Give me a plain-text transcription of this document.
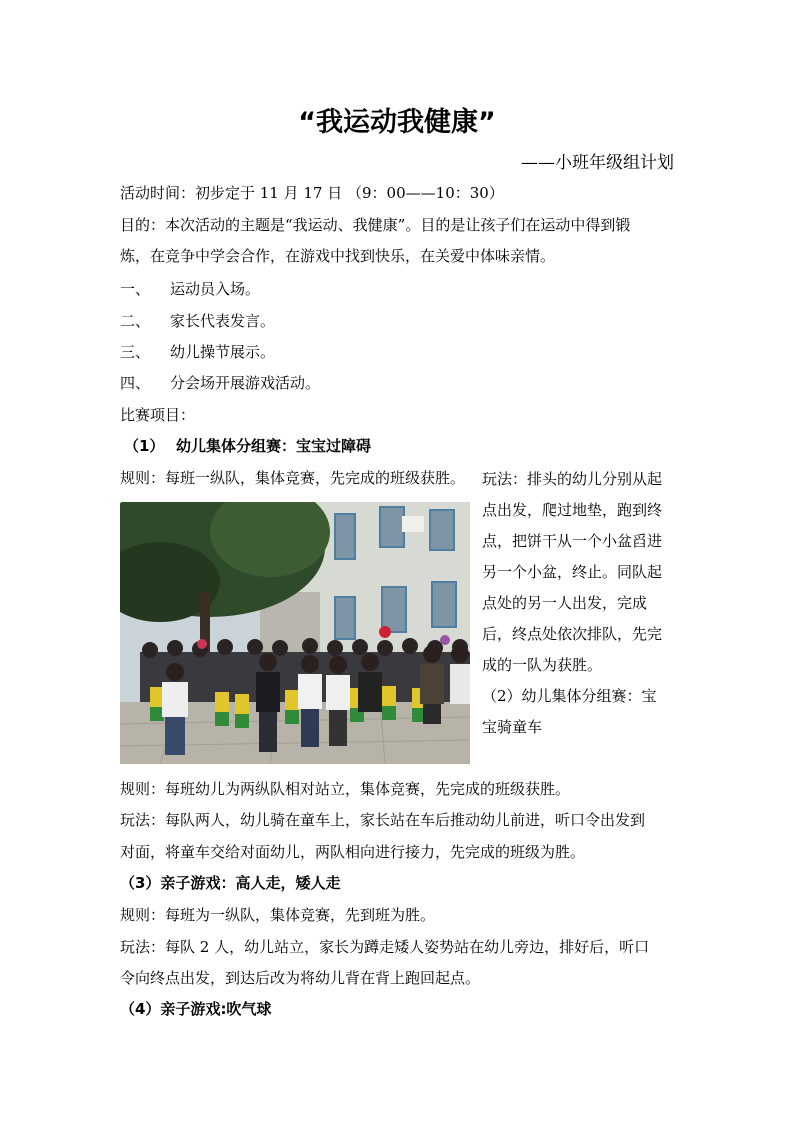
“我运动我健康”
——小班年级组计划
活动时间：初步定于 11 月 17 日 （9：00——10：30）
目的：本次活动的主题是“我运动、我健康”。目的是让孩子们在运动中得到锻
炼，在竞争中学会合作，在游戏中找到快乐，在关爱中体味亲情。
一、 运动员入场。
二、 家长代表发言。
三、 幼儿操节展示。
四、 分会场开展游戏活动。
比赛项目：
（1） 幼儿集体分组赛：宝宝过障碍
规则：每班一纵队，集体竞赛，先完成的班级获胜。	玩法：排头的幼儿分别从起
点出发，爬过地垫，跑到终
点，把饼干从一个小盆舀进
另一个小盆，终止。同队起
点处的另一人出发，完成
后，终点处依次排队，先完
成的一队为获胜。
（2）幼儿集体分组赛：宝
宝骑童车
规则：每班幼儿为两纵队相对站立，集体竞赛，先完成的班级获胜。
玩法：每队两人，幼儿骑在童车上，家长站在车后推动幼儿前进，听口令出发到
对面，将童车交给对面幼儿，两队相向进行接力，先完成的班级为胜。
（3）亲子游戏：高人走，矮人走
规则：每班为一纵队，集体竞赛，先到班为胜。
玩法：每队 2 人，幼儿站立，家长为蹲走矮人姿势站在幼儿旁边，排好后，听口
令向终点出发，到达后改为将幼儿背在背上跑回起点。
（4）亲子游戏:吹气球
